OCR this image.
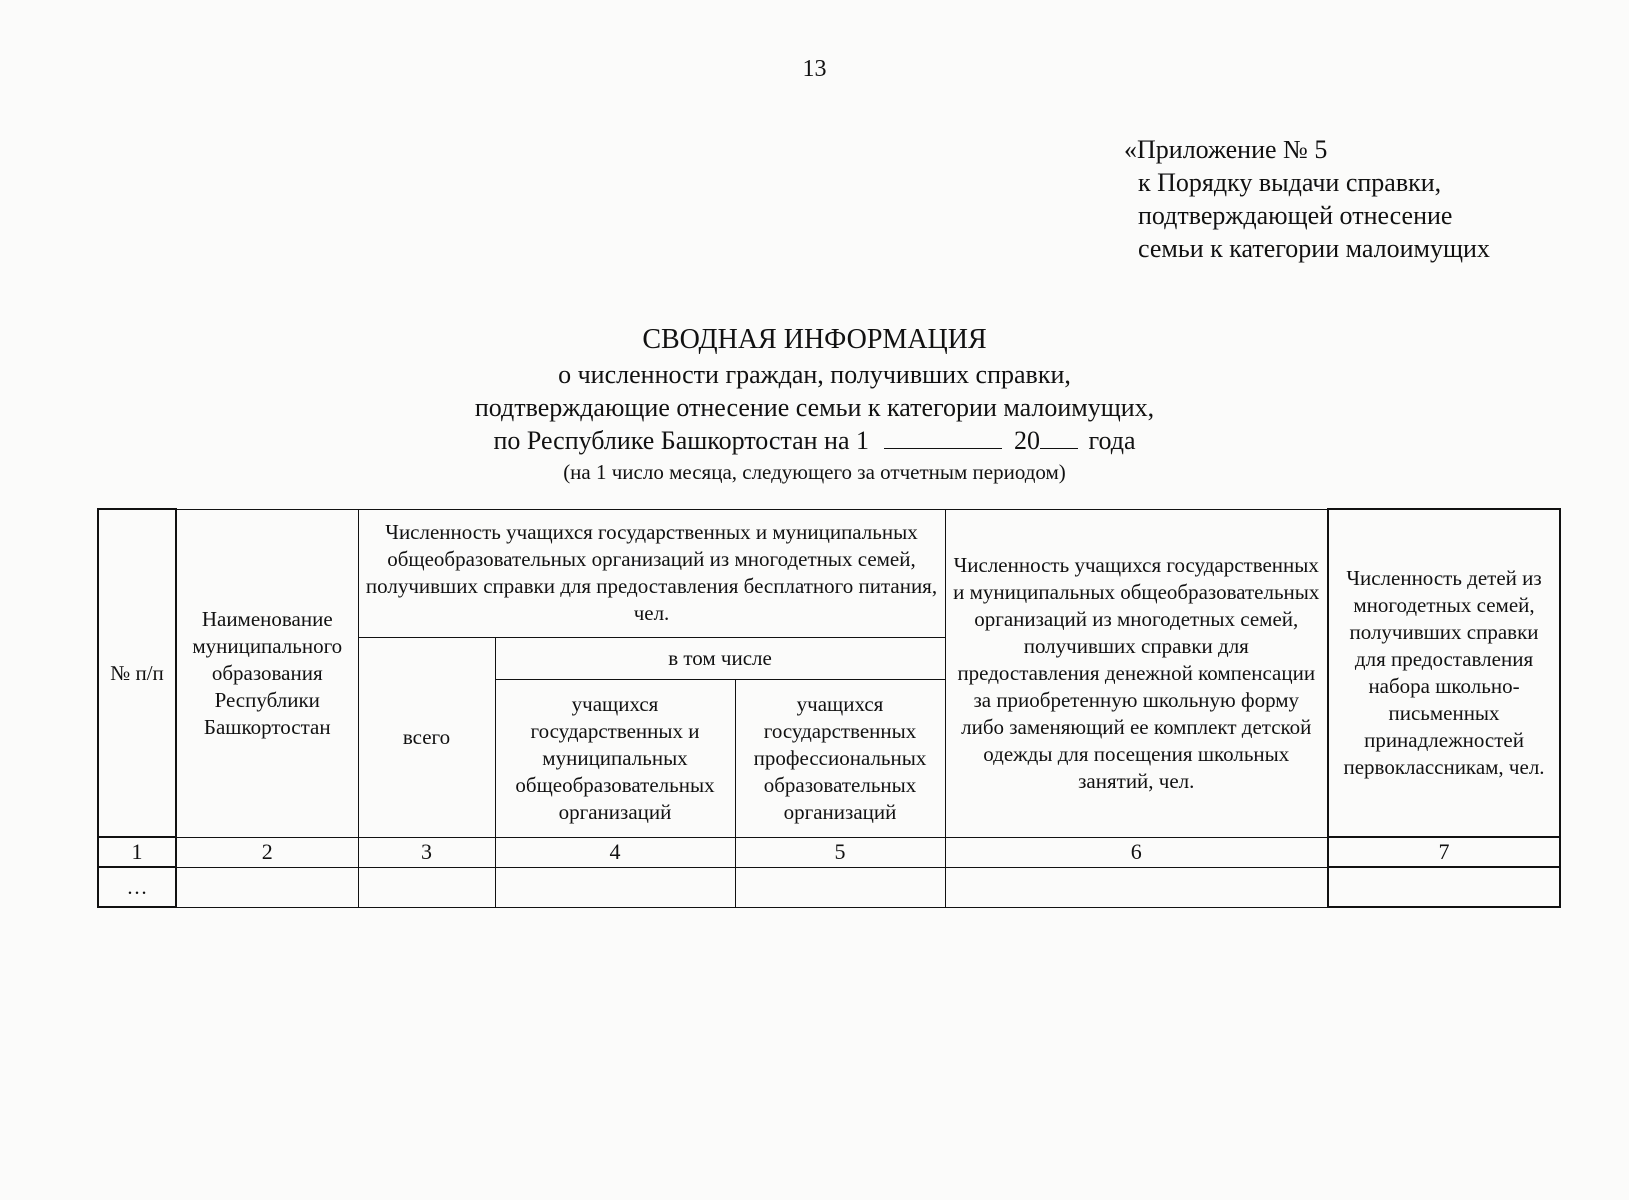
13
«Приложение № 5
к Порядку выдачи справки,
подтверждающей отнесение
семьи к категории малоимущих
СВОДНАЯ ИНФОРМАЦИЯ
о численности граждан, получивших справки,
подтверждающие отнесение семьи к категории малоимущих,
по Республике Башкортостан на 1	20 года
(на 1 число месяца, следующего за отчетным периодом)
№ п/п	Наименование муниципального образования Республики Башкортостан	Численность учащихся государственных и муниципальных общеобразовательных организаций из многодетных семей, получивших справки для предоставления бесплатного питания, чел.			Численность учащихся государственных и муниципальных общеобразовательных организаций из многодетных семей, получивших справки для предоставления денежной компенсации за приобретенную школьную форму либо заменяющий ее комплект детской одежды для посещения школьных занятий, чел.	Численность детей из многодетных семей, получивших справки для предоставления набора школьно-письменных принадлежностей первоклассникам, чел.
		всего	в том числе			
			учащихся государственных и муниципальных общеобразовательных организаций	учащихся государственных профессиональных образовательных организаций		
1	2	3	4	5	6	7
…						
